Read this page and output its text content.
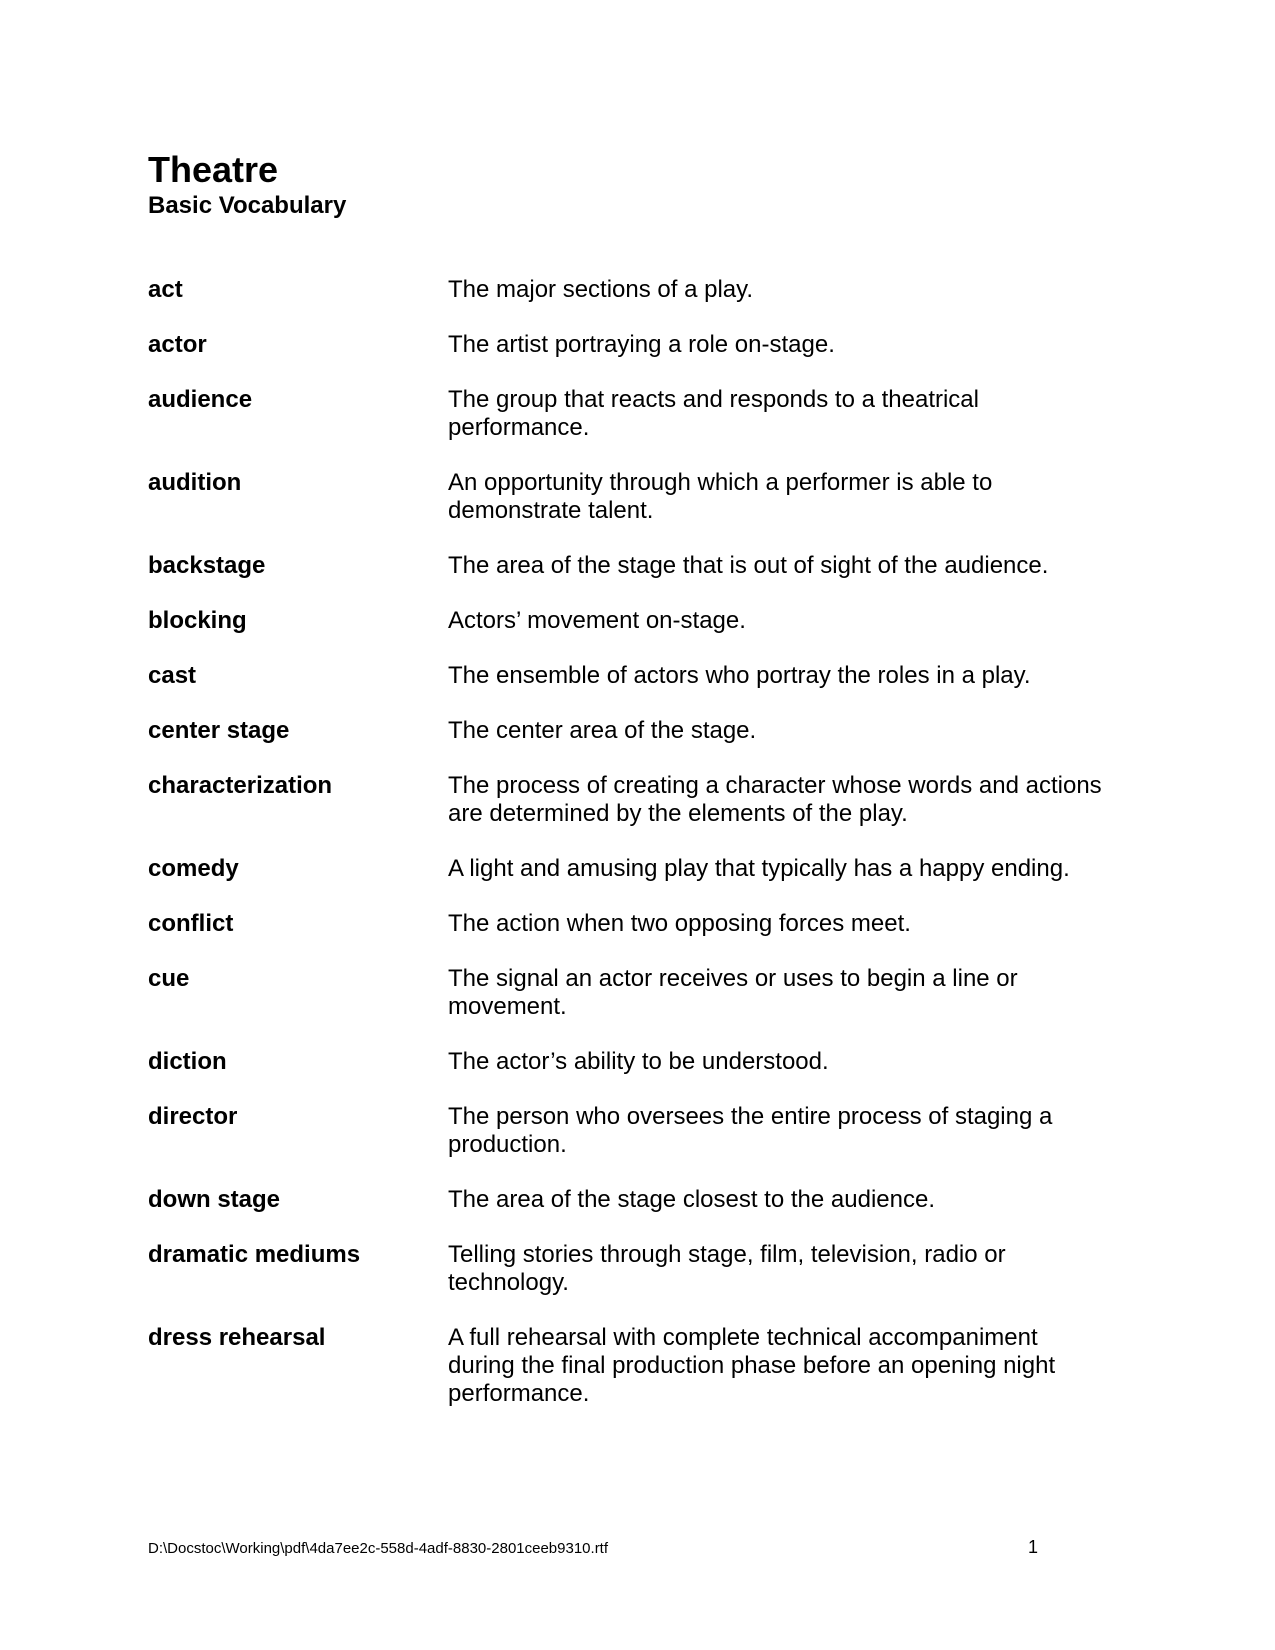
Theatre
Basic Vocabulary
act	The major sections of a play.
actor	The artist portraying a role on-stage.
audience	The group that reacts and responds to a theatrical performance.
audition	An opportunity through which a performer is able to demonstrate talent.
backstage	The area of the stage that is out of sight of the audience.
blocking	Actors’ movement on-stage.
cast	The ensemble of actors who portray the roles in a play.
center stage	The center area of the stage.
characterization	The process of creating a character whose words and actions are determined by the elements of the play.
comedy	A light and amusing play that typically has a happy ending.
conflict	The action when two opposing forces meet.
cue	The signal an actor receives or uses to begin a line or movement.
diction	The actor’s ability to be understood.
director	The person who oversees the entire process of staging a production.
down stage	The area of the stage closest to the audience.
dramatic mediums	Telling stories through stage, film, television, radio or technology.
dress rehearsal	A full rehearsal with complete technical accompaniment during the final production phase before an opening night performance.
D:\Docstoc\Working\pdf\4da7ee2c-558d-4adf-8830-2801ceeb9310.rtf	1
